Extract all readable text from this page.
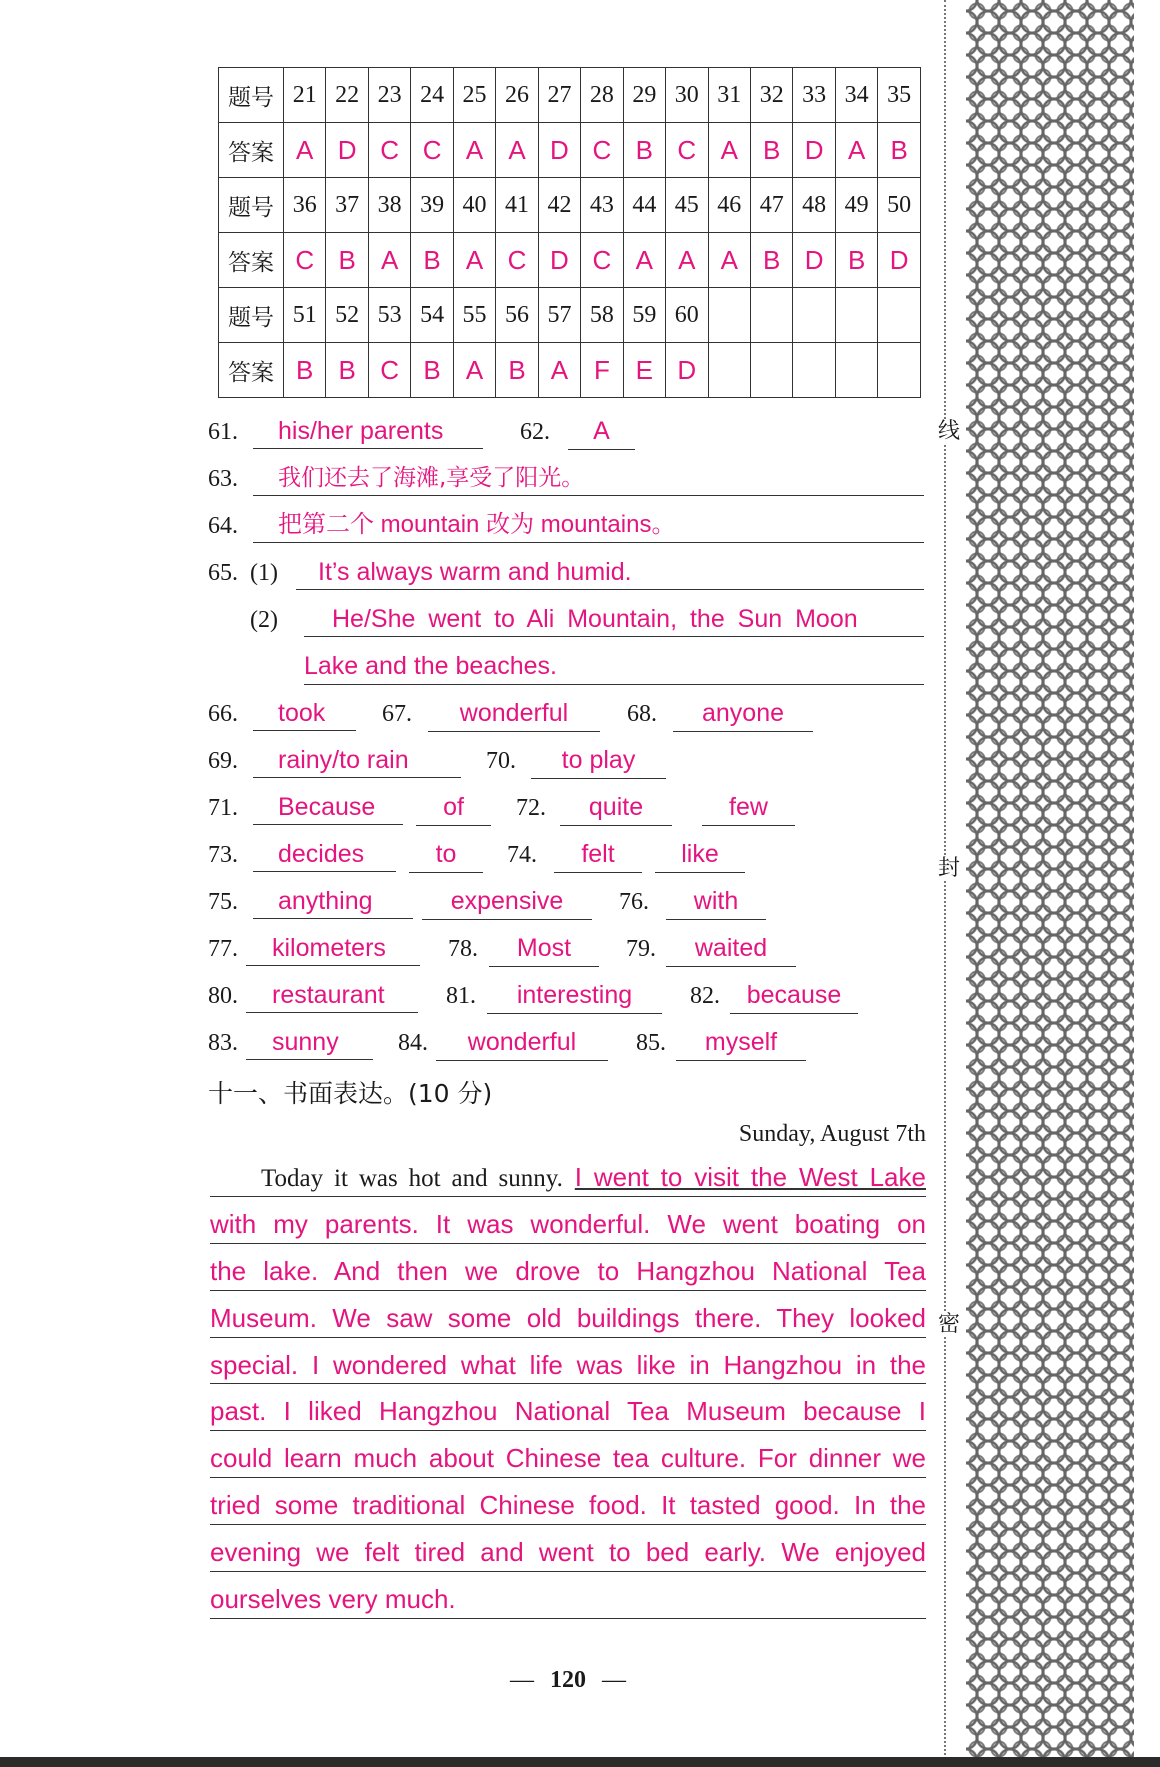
题号	21	22	23	24	25	26	27	28	29	30	31	32	33	34	35
答案	A	D	C	C	A	A	D	C	B	C	A	B	D	A	B
题号	36	37	38	39	40	41	42	43	44	45	46	47	48	49	50
答案	C	B	A	B	A	C	D	C	A	A	A	B	D	B	D
题号	51	52	53	54	55	56	57	58	59	60					
答案	B	B	C	B	A	B	A	F	E	D					
61.	his/her parents	62.	A
63.	我们还去了海滩,享受了阳光。
64.	把第二个 mountain 改为 mountains。
65. (1)	It’s always warm and humid.
(2)	He/She went to Ali Mountain, the Sun Moon
Lake and the beaches.
66.	took	67.	wonderful	68.	anyone
69.	rainy/to rain	70.	to play
71.	Because	of	72.	quite	few
73.	decides	to	74.	felt	like
75.	anything	expensive	76.	with
77.	kilometers	78.	Most	79.	waited
80.	restaurant	81.	interesting	82.	because
83.	sunny	84.	wonderful	85.	myself
十一、书面表达。(10 分)
Sunday, August 7th
Today it was hot and sunny. I went to visit the West Lake
with my parents. It was wonderful. We went boating on
the lake. And then we drove to Hangzhou National Tea
Museum. We saw some old buildings there. They looked
special. I wondered what life was like in Hangzhou in the
past. I liked Hangzhou National Tea Museum because I
could learn much about Chinese tea culture. For dinner we
tried some traditional Chinese food. It tasted good. In the
evening we felt tired and went to bed early. We enjoyed
ourselves very much.
— 120 —
线
封
密
